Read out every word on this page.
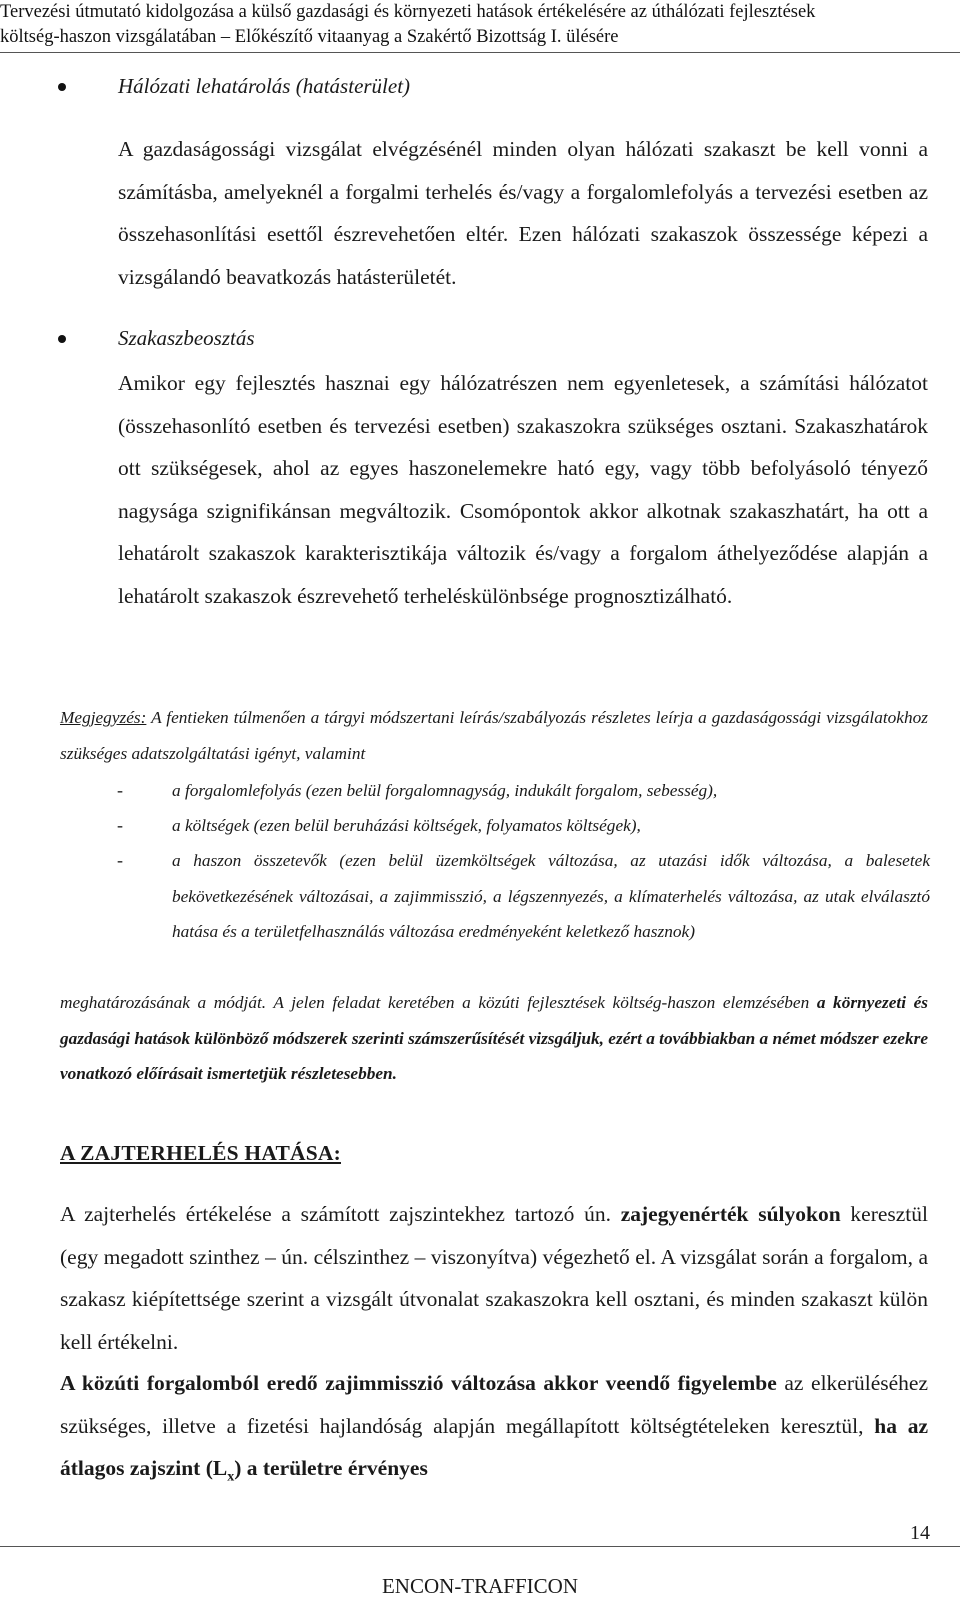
Tervezési útmutató kidolgozása a külső gazdasági és környezeti hatások értékelésére az úthálózati fejlesztések
költség-haszon vizsgálatában – Előkészítő vitaanyag a Szakértő Bizottság I. ülésére
Hálózati lehatárolás (hatásterület)
A gazdaságossági vizsgálat elvégzésénél minden olyan hálózati szakaszt be kell vonni a számításba, amelyeknél a forgalmi terhelés és/vagy a forgalomlefolyás a tervezési esetben az összehasonlítási esettől észrevehetően eltér. Ezen hálózati szakaszok összessége képezi a vizsgálandó beavatkozás hatásterületét.
Szakaszbeosztás
Amikor egy fejlesztés hasznai egy hálózatrészen nem egyenletesek, a számítási hálózatot (összehasonlító esetben és tervezési esetben) szakaszokra szükséges osztani. Szakaszhatárok ott szükségesek, ahol az egyes haszonelemekre ható egy, vagy több befolyásoló tényező nagysága szignifikánsan megváltozik. Csomópontok akkor alkotnak szakaszhatárt, ha ott a lehatárolt szakaszok karakterisztikája változik és/vagy a forgalom áthelyeződése alapján a lehatárolt szakaszok észrevehető terheléskülönbsége prognosztizálható.
Megjegyzés: A fentieken túlmenően a tárgyi módszertani leírás/szabályozás részletes leírja a gazdaságossági vizsgálatokhoz szükséges adatszolgáltatási igényt, valamint
-	a forgalomlefolyás (ezen belül forgalomnagyság, indukált forgalom, sebesség),
-	a költségek (ezen belül beruházási költségek, folyamatos költségek),
-	a haszon összetevők (ezen belül üzemköltségek változása, az utazási idők változása, a balesetek bekövetkezésének változásai, a zajimmisszió, a légszennyezés, a klímaterhelés változása, az utak elválasztó hatása és a területfelhasználás változása eredményeként keletkező hasznok)
meghatározásának a módját. A jelen feladat keretében a közúti fejlesztések költség-haszon elemzésében a környezeti és gazdasági hatások különböző módszerek szerinti számszerűsítését vizsgáljuk, ezért a továbbiakban a német módszer ezekre vonatkozó előírásait ismertetjük részletesebben.
A ZAJTERHELÉS HATÁSA:
A zajterhelés értékelése a számított zajszintekhez tartozó ún. zajegyenérték súlyokon keresztül (egy megadott szinthez – ún. célszinthez – viszonyítva) végezhető el. A vizsgálat során a forgalom, a szakasz kiépítettsége szerint a vizsgált útvonalat szakaszokra kell osztani, és minden szakaszt külön kell értékelni.
A közúti forgalomból eredő zajimmisszió változása akkor veendő figyelembe az elkerüléséhez szükséges, illetve a fizetési hajlandóság alapján megállapított költségtételeken keresztül, ha az átlagos zajszint $(L_x)$ a területre érvényes
14
ENCON-TRAFFICON
